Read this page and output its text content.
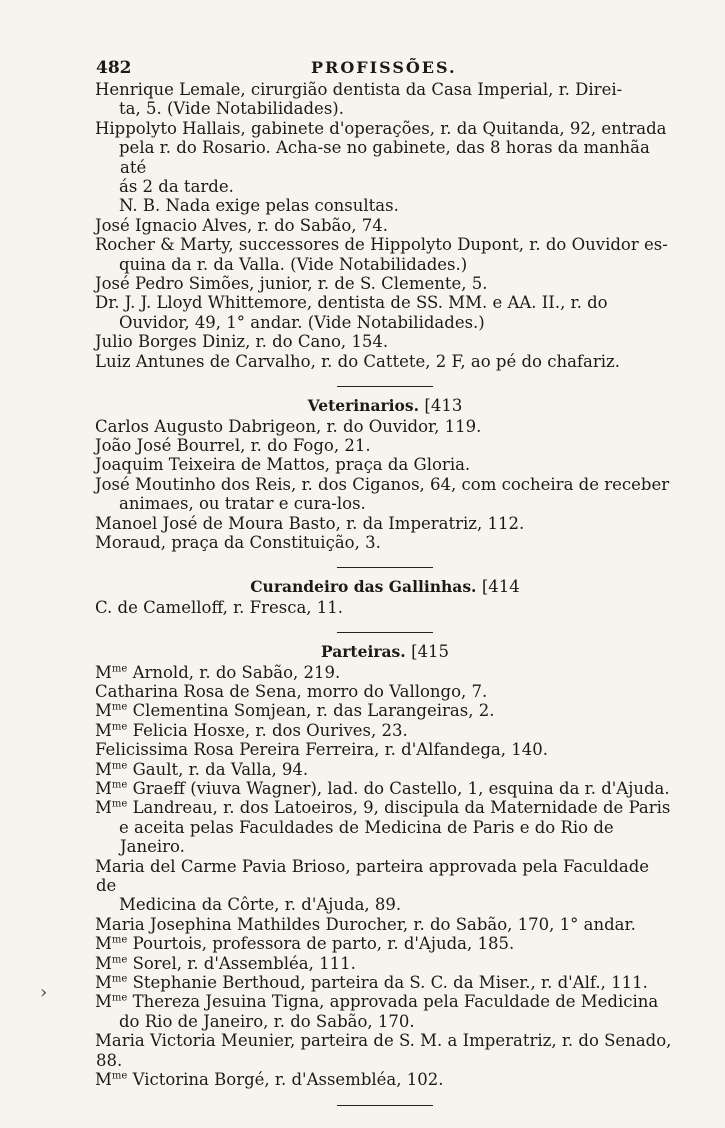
482	PROFISSÕES.
Henrique Lemale, cirurgião dentista da Casa Imperial, r. Direi-
ta, 5. (Vide Notabilidades).
Hippolyto Hallais, gabinete d'operações, r. da Quitanda, 92, entrada
pela r. do Rosario. Acha-se no gabinete, das 8 horas da manhãa até
ás 2 da tarde.
N. B. Nada exige pelas consultas.
José Ignacio Alves, r. do Sabão, 74.
Rocher & Marty, successores de Hippolyto Dupont, r. do Ouvidor es-
quina da r. da Valla. (Vide Notabilidades.)
José Pedro Simões, junior, r. de S. Clemente, 5.
Dr. J. J. Lloyd Whittemore, dentista de SS. MM. e AA. II., r. do
Ouvidor, 49, 1° andar. (Vide Notabilidades.)
Julio Borges Diniz, r. do Cano, 154.
Luiz Antunes de Carvalho, r. do Cattete, 2 F, ao pé do chafariz.
Veterinarios. [413
Carlos Augusto Dabrigeon, r. do Ouvidor, 119.
João José Bourrel, r. do Fogo, 21.
Joaquim Teixeira de Mattos, praça da Gloria.
José Moutinho dos Reis, r. dos Ciganos, 64, com cocheira de receber
animaes, ou tratar e cura-los.
Manoel José de Moura Basto, r. da Imperatriz, 112.
Moraud, praça da Constituição, 3.
Curandeiro das Gallinhas. [414
C. de Camelloff, r. Fresca, 11.
Parteiras. [415
$M^{me}$ Arnold, r. do Sabão, 219.
Catharina Rosa de Sena, morro do Vallongo, 7.
$M^{me}$ Clementina Somjean, r. das Larangeiras, 2.
$M^{me}$ Felicia Hosxe, r. dos Ourives, 23.
Felicissima Rosa Pereira Ferreira, r. d'Alfandega, 140.
$M^{me}$ Gault, r. da Valla, 94.
$M^{me}$ Graeff (viuva Wagner), lad. do Castello, 1, esquina da r. d'Ajuda.
$M^{me}$ Landreau, r. dos Latoeiros, 9, discipula da Maternidade de Paris
e aceita pelas Faculdades de Medicina de Paris e do Rio de Janeiro.
Maria del Carme Pavia Brioso, parteira approvada pela Faculdade de
Medicina da Côrte, r. d'Ajuda, 89.
Maria Josephina Mathildes Durocher, r. do Sabão, 170, 1° andar.
$M^{me}$ Pourtois, professora de parto, r. d'Ajuda, 185.
$M^{me}$ Sorel, r. d'Assembléa, 111.
$M^{me}$ Stephanie Berthoud, parteira da S. C. da Miser., r. d'Alf., 111.
$M^{me}$ Thereza Jesuina Tigna, approvada pela Faculdade de Medicina
do Rio de Janeiro, r. do Sabão, 170.
Maria Victoria Meunier, parteira de S. M. a Imperatriz, r. do Senado, 88.
$M^{me}$ Victorina Borgé, r. d'Assembléa, 102.
›
